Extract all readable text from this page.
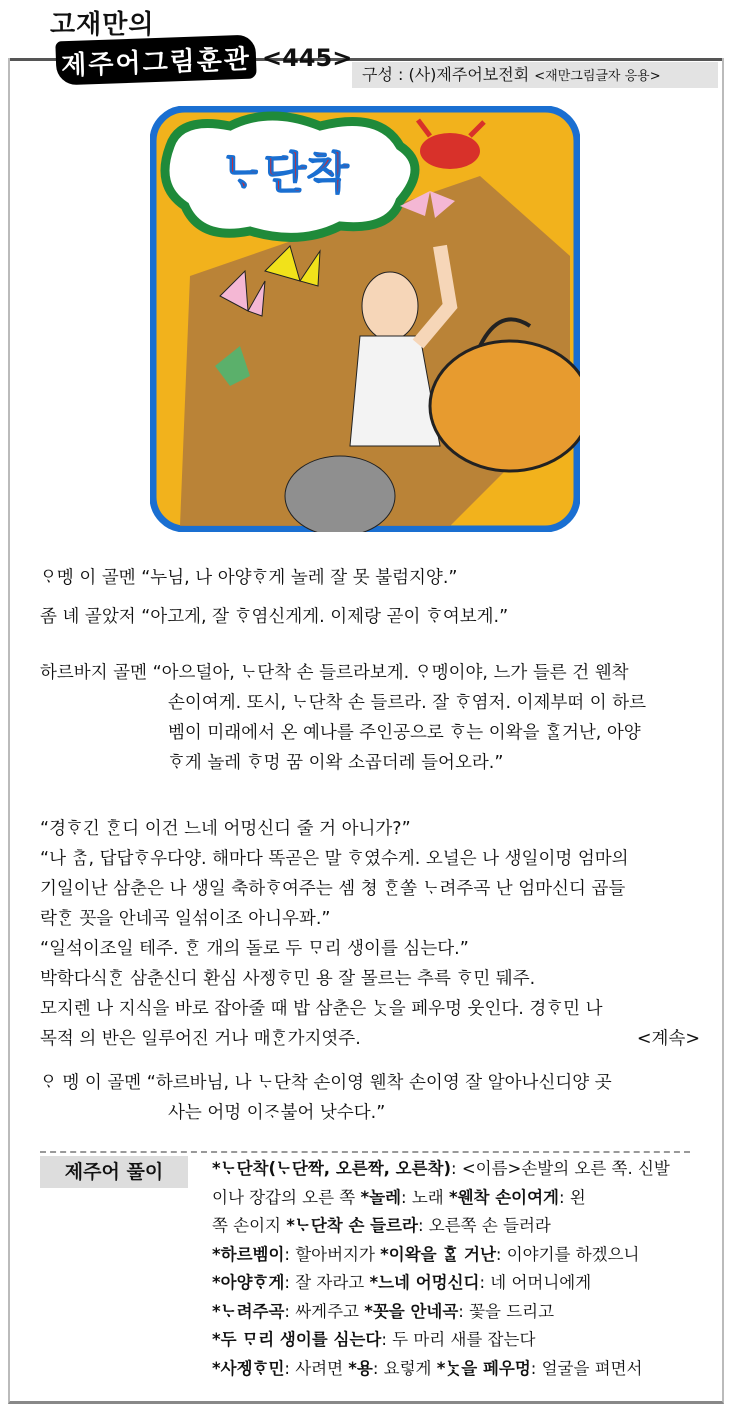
고재만의
제주어그림훈관 <445>
구성 : (사)제주어보전회 <재만그림글자 응용>
ᄂᆞ단착
ᄋᆞ멩 이 골멘 “누님, 나 아양ᄒᆞ게 놀레 잘 못 불럼지양.”
좀 녜 골았저 “아고게, 잘 ᄒᆞ염신게게. 이제랑 곧이 ᄒᆞ여보게.”
하르바지 골멘 “아으덜아, ᄂᆞ단착 손 들르라보게. ᄋᆞ멩이야, 느가 들른 건 웬착
손이여게. 또시, ᄂᆞ단착 손 들르라. 잘 ᄒᆞ염저. 이제부떠 이 하르
벰이 미래에서 온 예나를 주인공으로 ᄒᆞ는 이왁을 ᄒᆞᆯ거난, 아양
ᄒᆞ게 놀레 ᄒᆞ멍 꿈 이왁 소곱더레 들어오라.”
“경ᄒᆞ긴 ᄒᆞᆫ디 이건 느네 어멍신디 줄 거 아니가?”
“나 ᄎᆞᆷ, 답답ᄒᆞ우다양. 해마다 똑곧은 말 ᄒᆞ였수게. 오널은 나 생일이멍 엄마의
기일이난 삼춘은 나 생일 축하ᄒᆞ여주는 셈 쳥 ᄒᆞᆫ쏠 ᄂᆞ려주곡 난 엄마신디 곱들
락ᄒᆞᆫ 꼿을 안네곡 일섞이조 아니우꽈.”
“일석이조일 테주. ᄒᆞᆫ 개의 돌로 두 ᄆᆞ리 생이를 심는다.”
박학다식ᄒᆞᆫ 삼춘신디 환심 사젱ᄒᆞ민 용 잘 몰르는 추륵 ᄒᆞ민 뒈주.
모지렌 나 지식을 바로 잡아줄 때 밥 삼춘은 ᄂᆞᆺ을 페우멍 웃인다. 경ᄒᆞ민 나
목적 의 반은 일루어진 거나 매ᄒᆞᆫ가지엿주.	<계속>
ᄋᆞ 멩 이 골멘 “하르바님, 나 ᄂᆞ단착 손이영 웬착 손이영 잘 알아나신디양 곳
사는 어멍 이ᄌᆞ불어 낫수다.”
제주어 풀이	*ᄂᆞ단착(ᄂᆞ단짝, 오른짝, 오른착): <이름>손발의 오른 쪽. 신발
이나 장갑의 오른 쪽 *놀레: 노래 *웬착 손이여게: 왼
쪽 손이지 *ᄂᆞ단착 손 들르라: 오른쪽 손 들러라
*하르벰이: 할아버지가 *이왁을 ᄒᆞᆯ 거난: 이야기를 하겠으니
*아양ᄒᆞ게: 잘 자라고 *느네 어멍신디: 네 어머니에게
*ᄂᆞ려주곡: 싸게주고 *꼿을 안네곡: 꽃을 드리고
*두 ᄆᆞ리 생이를 심는다: 두 마리 새를 잡는다
*사젱ᄒᆞ민: 사려면 *용: 요렇게 *ᄂᆞᆺ을 페우멍: 얼굴을 펴면서
